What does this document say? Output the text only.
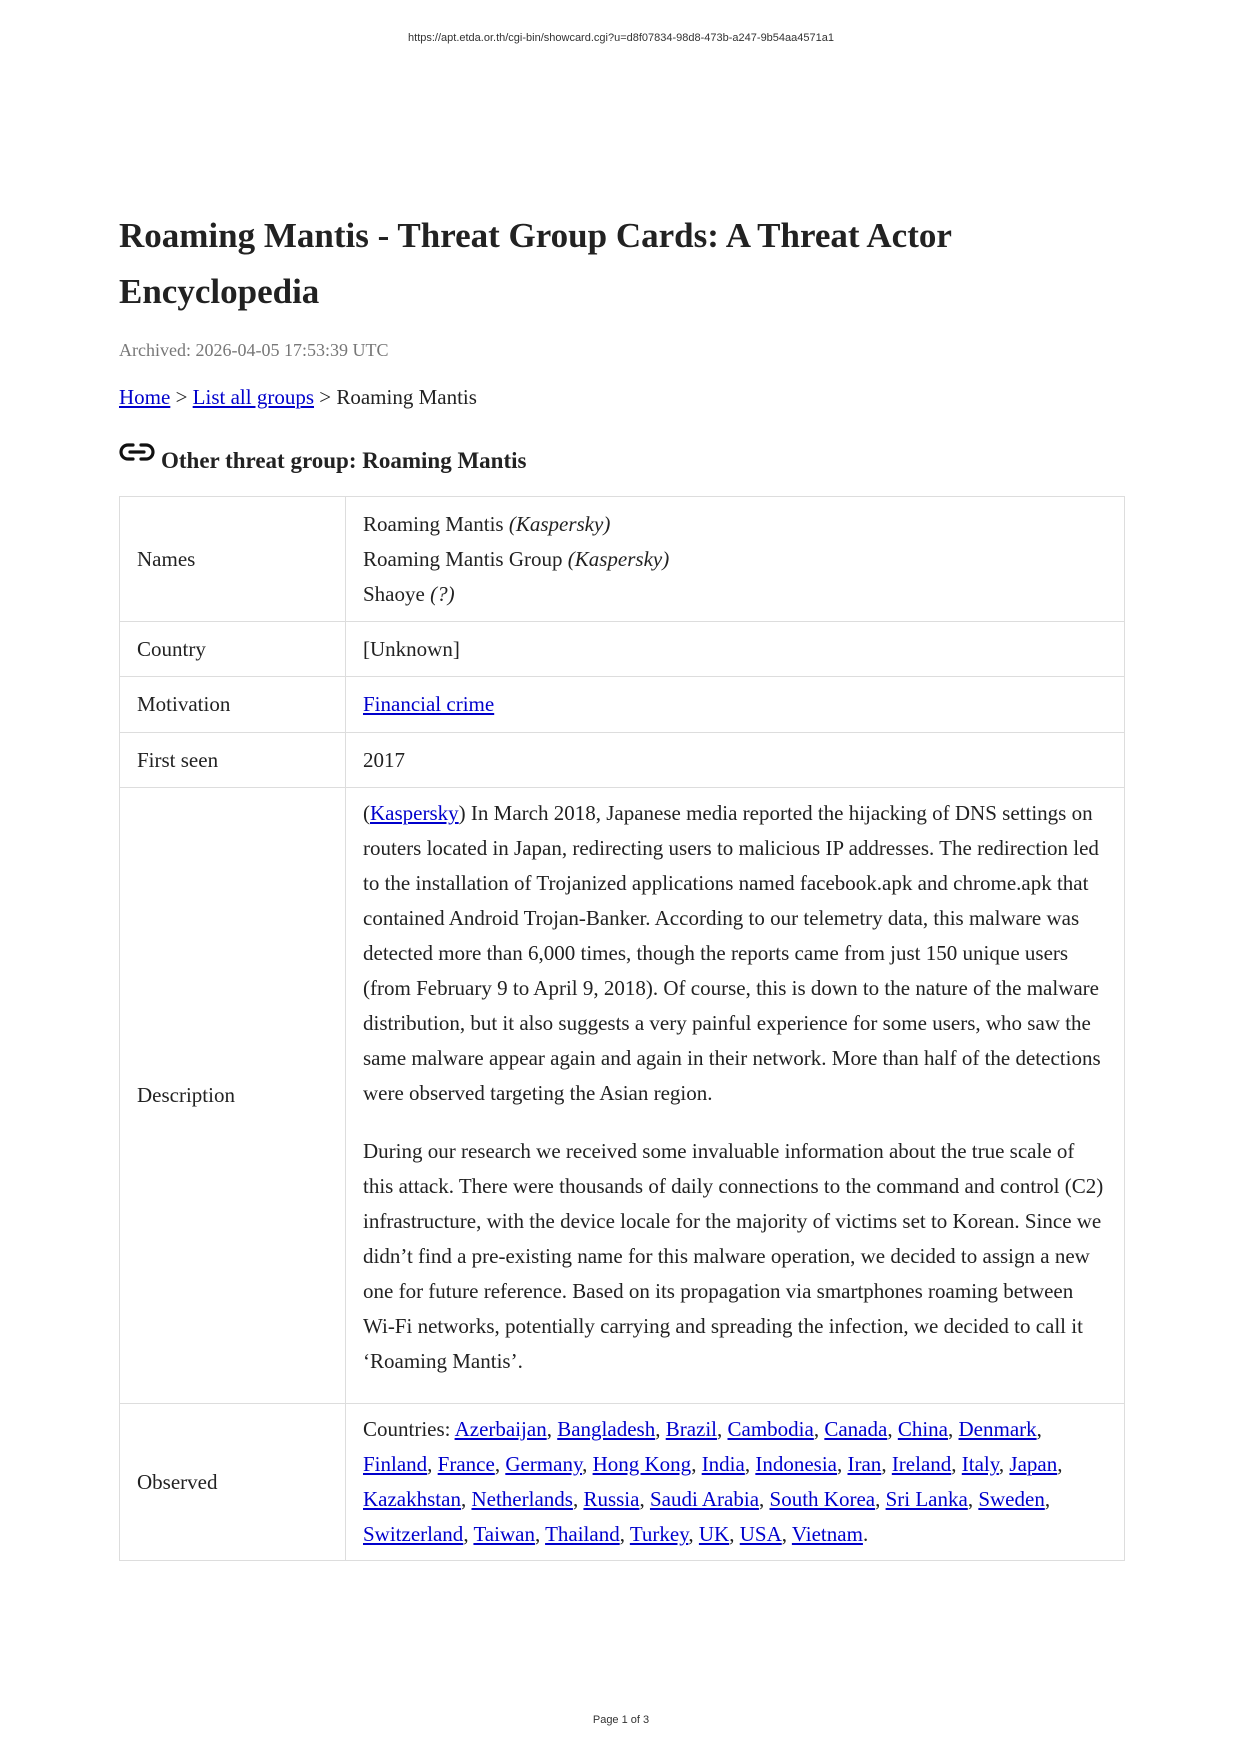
https://apt.etda.or.th/cgi-bin/showcard.cgi?u=d8f07834-98d8-473b-a247-9b54aa4571a1
Roaming Mantis - Threat Group Cards: A Threat Actor Encyclopedia
Archived: 2026-04-05 17:53:39 UTC
Home > List all groups > Roaming Mantis
Other threat group: Roaming Mantis
Names	Roaming Mantis (Kaspersky)
Roaming Mantis Group (Kaspersky)
Shaoye (?)

Country	[Unknown]
Motivation	Financial crime
First seen	2017
Description	(Kaspersky) In March 2018, Japanese media reported the hijacking of DNS settings on routers located in Japan, redirecting users to malicious IP addresses. The redirection led to the installation of Trojanized applications named facebook.apk and chrome.apk that contained Android Trojan-Banker. According to our telemetry data, this malware was detected more than 6,000 times, though the reports came from just 150 unique users (from February 9 to April 9, 2018). Of course, this is down to the nature of the malware distribution, but it also suggests a very painful experience for some users, who saw the same malware appear again and again in their network. More than half of the detections were observed targeting the Asian region.

During our research we received some invaluable information about the true scale of this attack. There were thousands of daily connections to the command and control (C2) infrastructure, with the device locale for the majority of victims set to Korean. Since we didn’t find a pre-existing name for this malware operation, we decided to assign a new one for future reference. Based on its propagation via smartphones roaming between Wi-Fi networks, potentially carrying and spreading the infection, we decided to call it ‘Roaming Mantis’.

Observed	Countries: Azerbaijan, Bangladesh, Brazil, Cambodia, Canada, China, Denmark, Finland, France, Germany, Hong Kong, India, Indonesia, Iran, Ireland, Italy, Japan, Kazakhstan, Netherlands, Russia, Saudi Arabia, South Korea, Sri Lanka, Sweden, Switzerland, Taiwan, Thailand, Turkey, UK, USA, Vietnam.
Page 1 of 3
